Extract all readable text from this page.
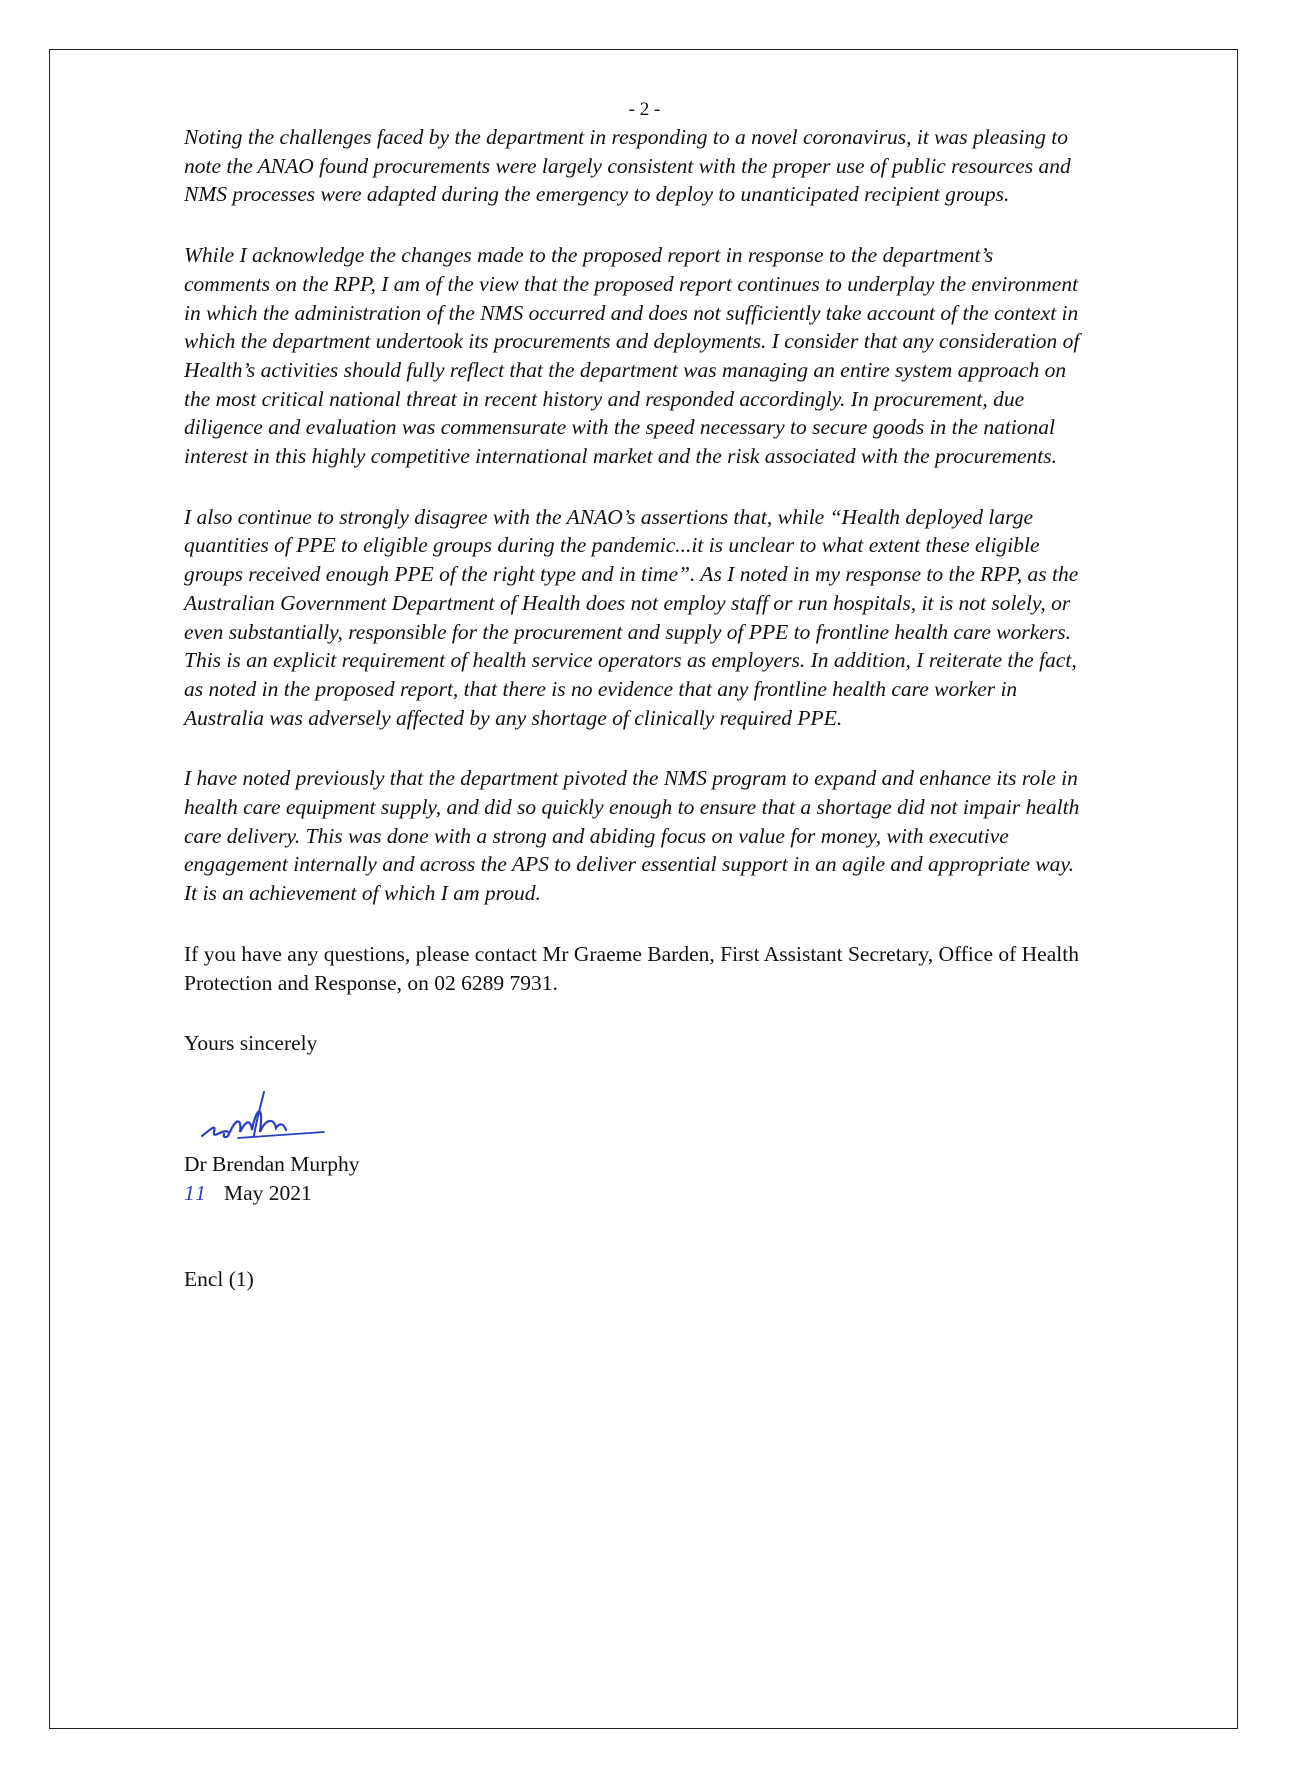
- 2 -

Noting the challenges faced by the department in responding to a novel coronavirus, it was pleasing to note the ANAO found procurements were largely consistent with the proper use of public resources and NMS processes were adapted during the emergency to deploy to unanticipated recipient groups.

While I acknowledge the changes made to the proposed report in response to the department’s comments on the RPP, I am of the view that the proposed report continues to underplay the environment in which the administration of the NMS occurred and does not sufficiently take account of the context in which the department undertook its procurements and deployments. I consider that any consideration of Health’s activities should fully reflect that the department was managing an entire system approach on the most critical national threat in recent history and responded accordingly. In procurement, due diligence and evaluation was commensurate with the speed necessary to secure goods in the national interest in this highly competitive international market and the risk associated with the procurements.

I also continue to strongly disagree with the ANAO’s assertions that, while “Health deployed large quantities of PPE to eligible groups during the pandemic...it is unclear to what extent these eligible groups received enough PPE of the right type and in time”. As I noted in my response to the RPP, as the Australian Government Department of Health does not employ staff or run hospitals, it is not solely, or even substantially, responsible for the procurement and supply of PPE to frontline health care workers. This is an explicit requirement of health service operators as employers. In addition, I reiterate the fact, as noted in the proposed report, that there is no evidence that any frontline health care worker in Australia was adversely affected by any shortage of clinically required PPE.

I have noted previously that the department pivoted the NMS program to expand and enhance its role in health care equipment supply, and did so quickly enough to ensure that a shortage did not impair health care delivery. This was done with a strong and abiding focus on value for money, with executive engagement internally and across the APS to deliver essential support in an agile and appropriate way. It is an achievement of which I am proud.

If you have any questions, please contact Mr Graeme Barden, First Assistant Secretary, Office of Health Protection and Response, on 02 6289 7931.

Yours sincerely
Dr Brendan Murphy
11 May 2021
Encl (1)
